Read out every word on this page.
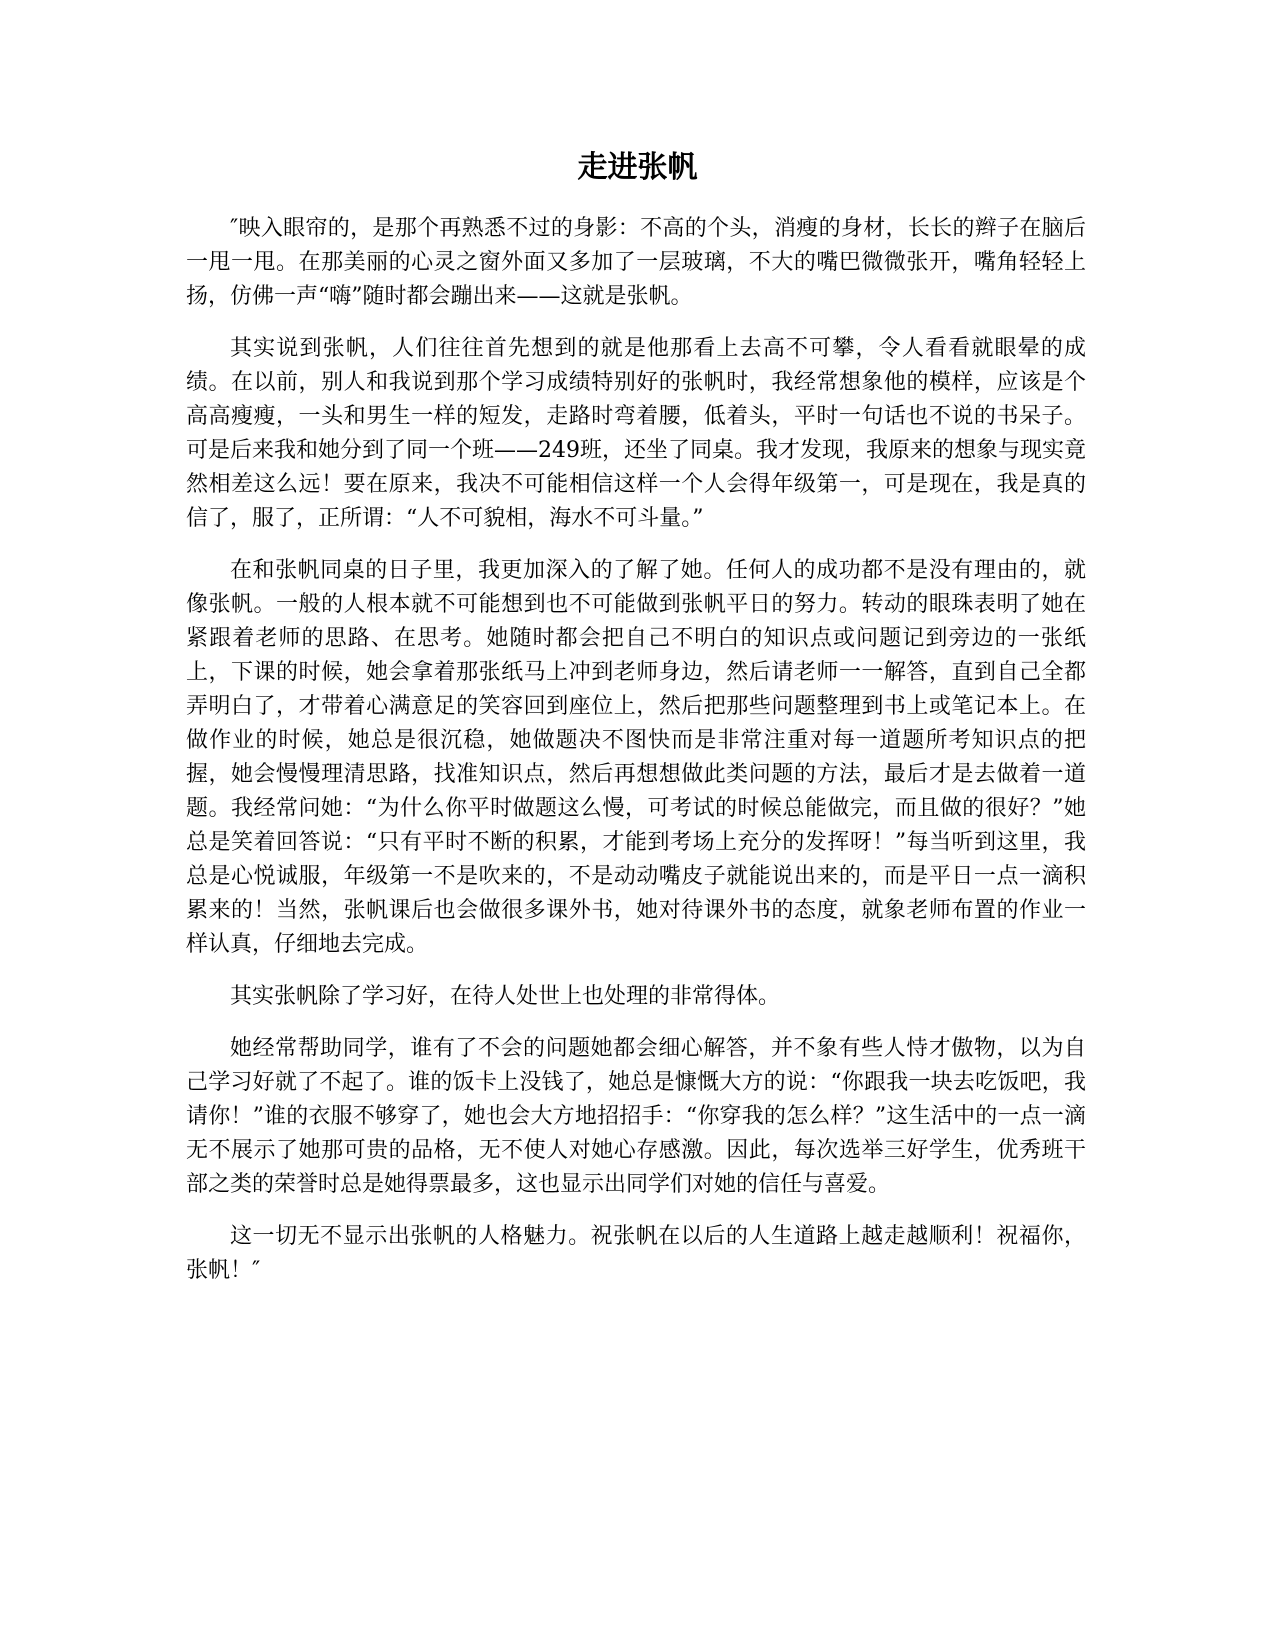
走进张帆

″映入眼帘的，是那个再熟悉不过的身影：不高的个头，消瘦的身材，长长的辫子在脑后一甩一甩。在那美丽的心灵之窗外面又多加了一层玻璃，不大的嘴巴微微张开，嘴角轻轻上扬，仿佛一声“嗨”随时都会蹦出来——这就是张帆。

其实说到张帆，人们往往首先想到的就是他那看上去高不可攀，令人看看就眼晕的成绩。在以前，别人和我说到那个学习成绩特别好的张帆时，我经常想象他的模样，应该是个高高瘦瘦，一头和男生一样的短发，走路时弯着腰，低着头，平时一句话也不说的书呆子。可是后来我和她分到了同一个班——249班，还坐了同桌。我才发现，我原来的想象与现实竟然相差这么远！要在原来，我决不可能相信这样一个人会得年级第一，可是现在，我是真的信了，服了，正所谓：“人不可貌相，海水不可斗量。”

在和张帆同桌的日子里，我更加深入的了解了她。任何人的成功都不是没有理由的，就像张帆。一般的人根本就不可能想到也不可能做到张帆平日的努力。转动的眼珠表明了她在紧跟着老师的思路、在思考。她随时都会把自己不明白的知识点或问题记到旁边的一张纸上，下课的时候，她会拿着那张纸马上冲到老师身边，然后请老师一一解答，直到自己全都弄明白了，才带着心满意足的笑容回到座位上，然后把那些问题整理到书上或笔记本上。在做作业的时候，她总是很沉稳，她做题决不图快而是非常注重对每一道题所考知识点的把握，她会慢慢理清思路，找准知识点，然后再想想做此类问题的方法，最后才是去做着一道题。我经常问她：“为什么你平时做题这么慢，可考试的时候总能做完，而且做的很好？”她总是笑着回答说：“只有平时不断的积累，才能到考场上充分的发挥呀！”每当听到这里，我总是心悦诚服，年级第一不是吹来的，不是动动嘴皮子就能说出来的，而是平日一点一滴积累来的！当然，张帆课后也会做很多课外书，她对待课外书的态度，就象老师布置的作业一样认真，仔细地去完成。

其实张帆除了学习好，在待人处世上也处理的非常得体。

她经常帮助同学，谁有了不会的问题她都会细心解答，并不象有些人恃才傲物，以为自己学习好就了不起了。谁的饭卡上没钱了，她总是慷慨大方的说：“你跟我一块去吃饭吧，我请你！”谁的衣服不够穿了，她也会大方地招招手：“你穿我的怎么样？”这生活中的一点一滴无不展示了她那可贵的品格，无不使人对她心存感激。因此，每次选举三好学生，优秀班干部之类的荣誉时总是她得票最多，这也显示出同学们对她的信任与喜爱。

这一切无不显示出张帆的人格魅力。祝张帆在以后的人生道路上越走越顺利！祝福你，张帆！″
